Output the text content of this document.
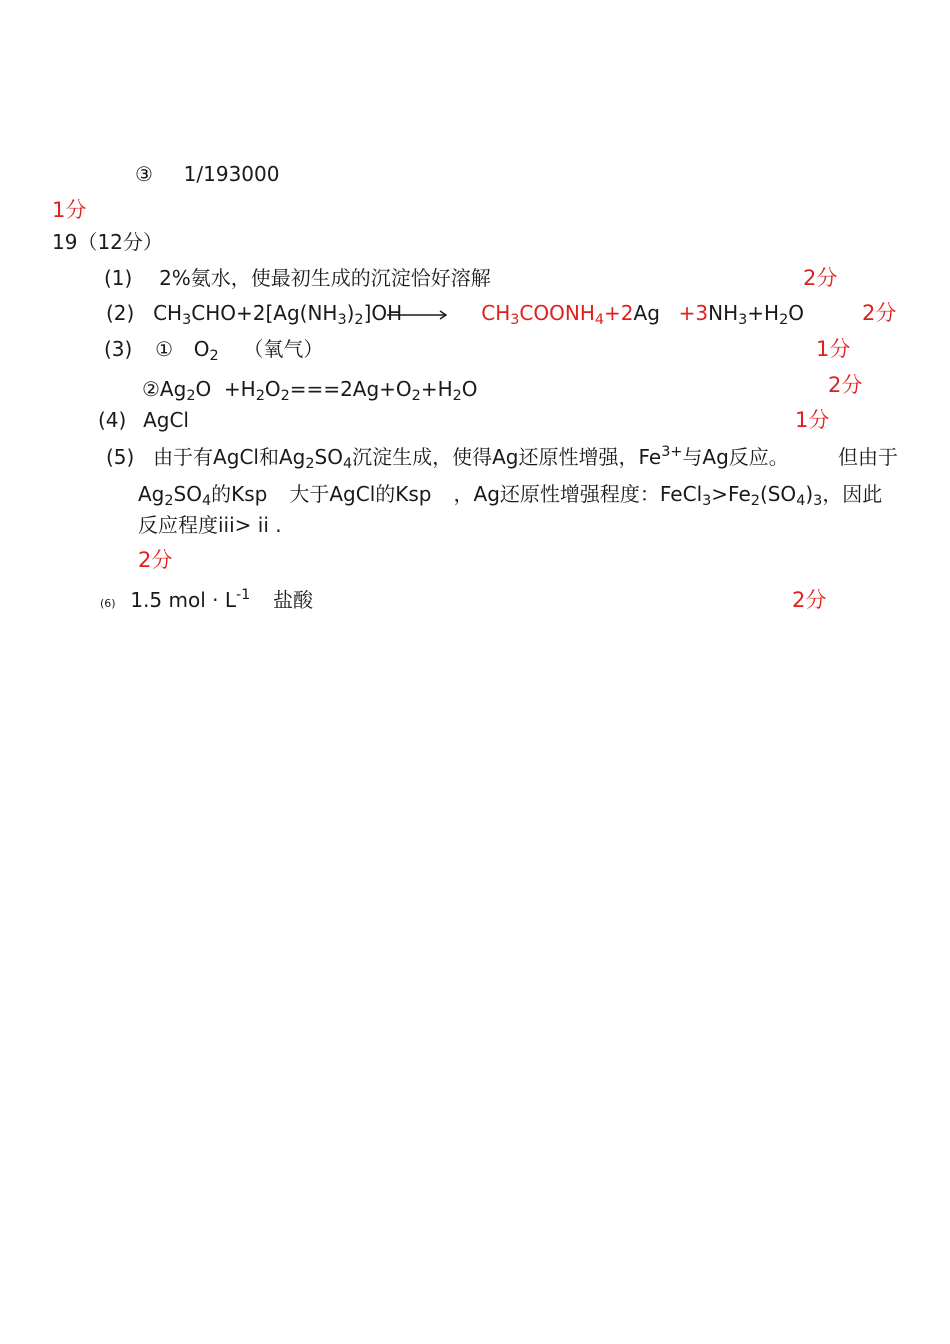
③ 1/193000
1分
19（12分）
(1) 2%氨水，使最初生成的沉淀恰好溶解	2分
(2) $CH_3CHO+2[Ag(NH_3)_2]OH$	$CH_3COONH_4+2Ag +3NH_3+H_2O$	2分
(3) ① $O_2$ （氧气）	1分
$②Ag_2O +H_2O_2===2Ag+O_2+H_2O$	2分
(4) AgCl	1分
(5) 由于有AgCl和$Ag_2SO_4$沉淀生成，使得Ag还原性增强，$Fe^{3+}$与Ag反应。 但由于
$Ag_2SO_4$的Ksp 大于AgCl的Ksp ，Ag还原性增强程度：$FeCl_3>Fe_2(SO_4)_3$，因此
反应程度iii> ii .
2分
(6) 1.5 mol · $L^{-1}$ 盐酸	2分
